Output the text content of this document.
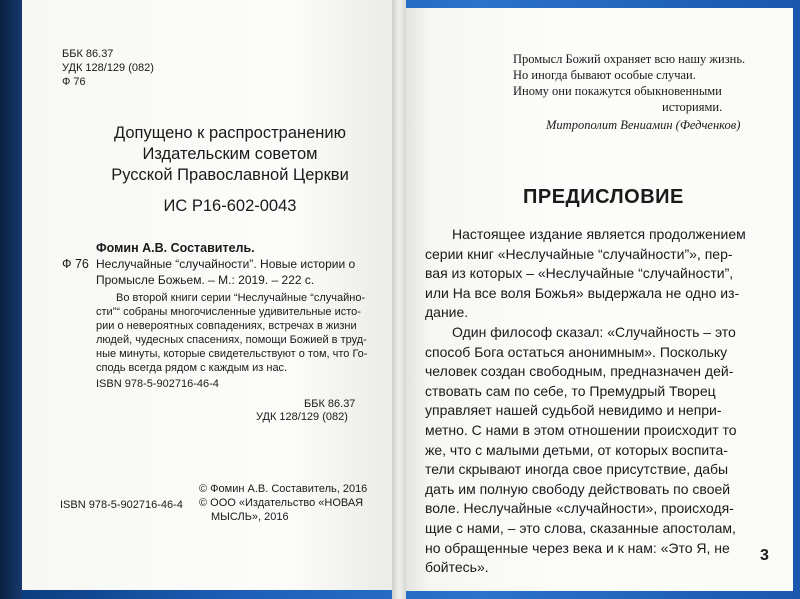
ББК 86.37
УДК 128/129 (082)
Ф 76
Допущено к распространению
Издательским советом
Русской Православной Церкви
ИС Р16-602-0043
Фомин А.В. Составитель.
Ф 76 Неслучайные “случайности”. Новые истории о
Промысле Божьем. – М.: 2019. – 222 с.
Во второй книги серии “Неслучайные “случайно-
сти”“ собраны многочисленные удивительные исто-
рии о невероятных совпадениях, встречах в жизни
людей, чудесных спасениях, помощи Божией в труд-
ные минуты, которые свидетельствуют о том, что Го-
сподь всегда рядом с каждым из нас.
ISBN 978-5-902716-46-4
ББК 86.37
УДК 128/129 (082)
© Фомин А.В. Составитель, 2016
© ООО «Издательство «НОВАЯ
МЫСЛЬ», 2016
ISBN 978-5-902716-46-4
Промысл Божий охраняет всю нашу жизнь.
Но иногда бывают особые случаи.
Иному они покажутся обыкновенными
историями.
Митрополит Вениамин (Федченков)
ПРЕДИСЛОВИЕ
Настоящее издание является продолжением
серии книг «Неслучайные “случайности”», пер-
вая из которых – «Неслучайные “случайности”,
или На все воля Божья» выдержала не одно из-
дание.
Один философ сказал: «Случайность – это
способ Бога остаться анонимным». Поскольку
человек создан свободным, предназначен дей-
ствовать сам по себе, то Премудрый Творец
управляет нашей судьбой невидимо и непри-
метно. С нами в этом отношении происходит то
же, что с малыми детьми, от которых воспита-
тели скрывают иногда свое присутствие, дабы
дать им полную свободу действовать по своей
воле. Неслучайные «случайности», происходя-
щие с нами, – это слова, сказанные апостолам,
но обращенные через века и к нам: «Это Я, не
бойтесь».
3
